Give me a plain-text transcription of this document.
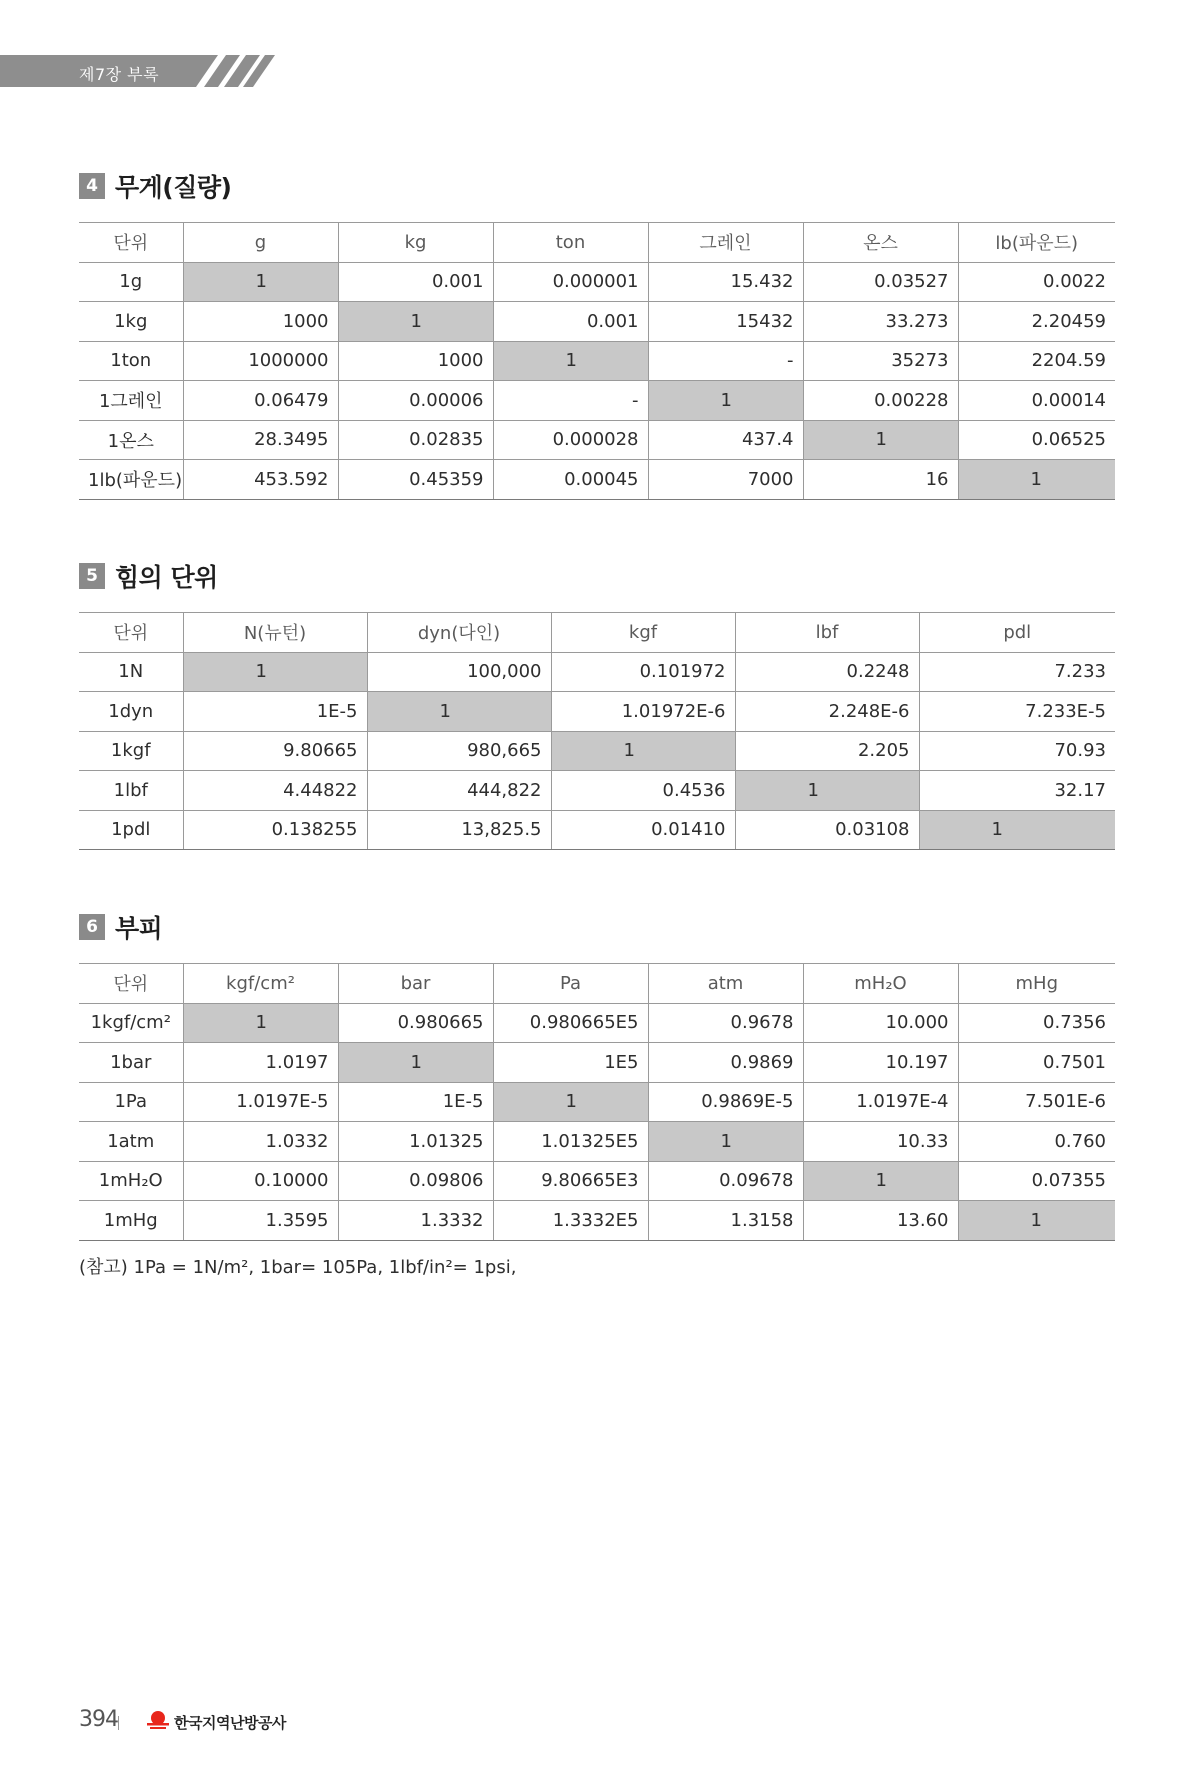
제7장 부록
4 무게(질량)
단위	g	kg	ton	그레인	온스	lb(파운드)
1g	1	0.001	0.000001	15.432	0.03527	0.0022
1kg	1000	1	0.001	15432	33.273	2.20459
1ton	1000000	1000	1	-	35273	2204.59
1그레인	0.06479	0.00006	-	1	0.00228	0.00014
1온스	28.3495	0.02835	0.000028	437.4	1	0.06525
1lb(파운드)	453.592	0.45359	0.00045	7000	16	1
5 힘의 단위
단위	N(뉴턴)	dyn(다인)	kgf	lbf	pdl
1N	1	100,000	0.101972	0.2248	7.233
1dyn	1E-5	1	1.01972E-6	2.248E-6	7.233E-5
1kgf	9.80665	980,665	1	2.205	70.93
1lbf	4.44822	444,822	0.4536	1	32.17
1pdl	0.138255	13,825.5	0.01410	0.03108	1
6 부피
단위	kgf/cm²	bar	Pa	atm	mH₂O	mHg
1kgf/cm²	1	0.980665	0.980665E5	0.9678	10.000	0.7356
1bar	1.0197	1	1E5	0.9869	10.197	0.7501
1Pa	1.0197E-5	1E-5	1	0.9869E-5	1.0197E-4	7.501E-6
1atm	1.0332	1.01325	1.01325E5	1	10.33	0.760
1mH₂O	0.10000	0.09806	9.80665E3	0.09678	1	0.07355
1mHg	1.3595	1.3332	1.3332E5	1.3158	13.60	1
(참고) 1Pa = 1N/m², 1bar= 105Pa, 1lbf/in²= 1psi,
394	한국지역난방공사
